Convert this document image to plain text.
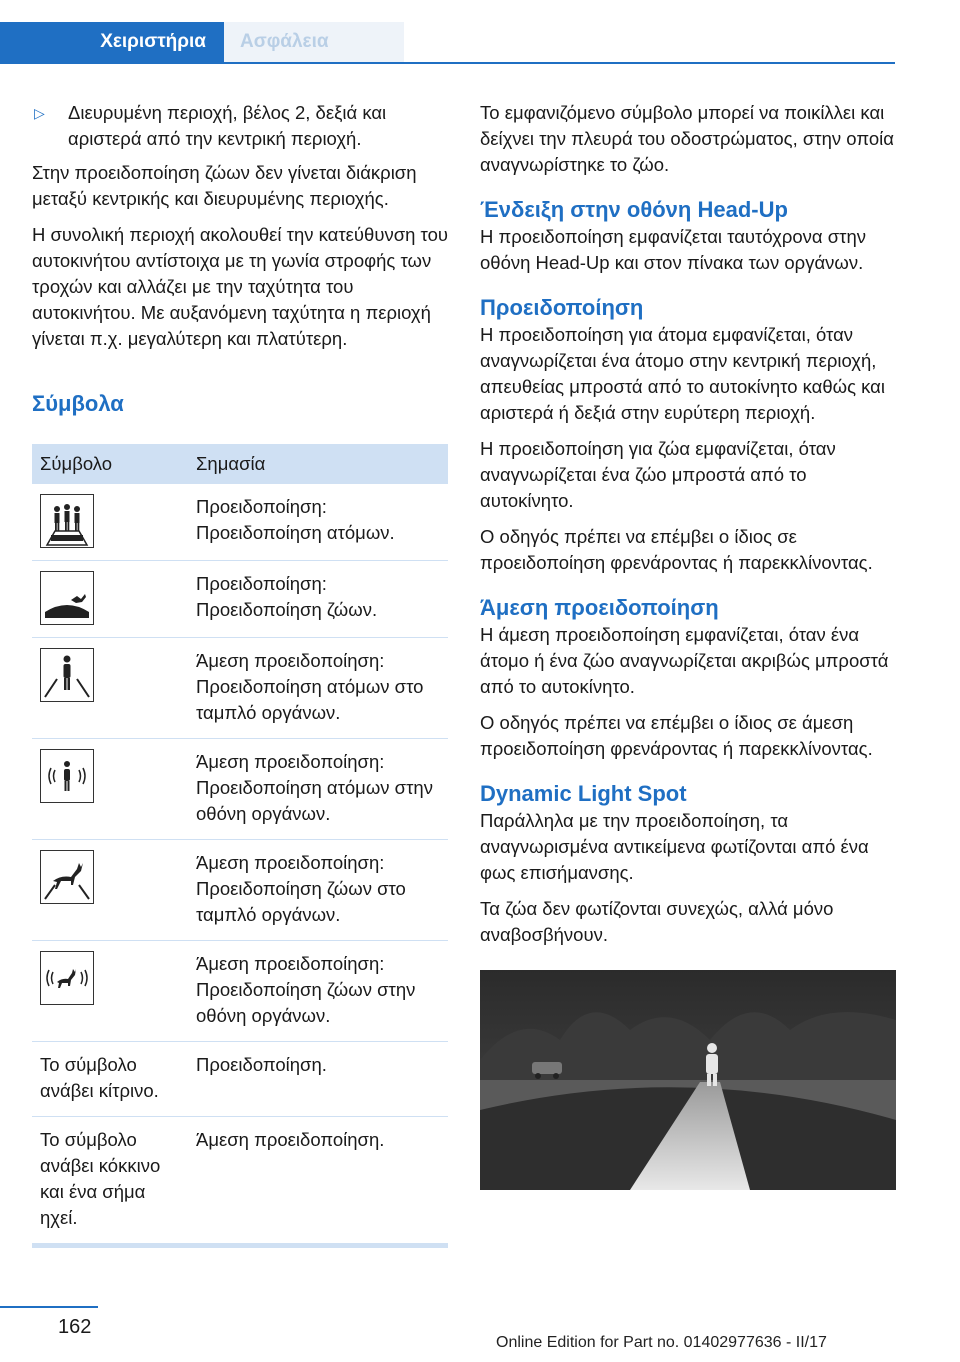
Χειριστήρια	Ασφάλεια
▷ Διευρυμένη περιοχή, βέλος 2, δεξιά και αριστερά από την κεντρική περιοχή.

Στην προειδοποίηση ζώων δεν γίνεται διάκριση μεταξύ κεντρικής και διευρυμένης περιοχής.

Η συνολική περιοχή ακολουθεί την κατεύθυνση του αυτοκινήτου αντίστοιχα με τη γωνία στροφής των τροχών και αλλάζει με την ταχύτητα του αυτοκινήτου. Με αυξανόμενη ταχύτητα η περιοχή γίνεται π.χ. μεγαλύτερη και πλατύτερη.

Σύμβολα
Σύμβολο	Σημασία

	Προειδοποίηση: Προειδοποίηση ατόμων.

	Προειδοποίηση: Προειδοποίηση ζώων.

	Άμεση προειδοποίηση: Προειδοποίηση ατόμων στο ταμπλό οργάνων.

	Άμεση προειδοποίηση: Προειδοποίηση ατόμων στην οθόνη οργάνων.

	Άμεση προειδοποίηση: Προειδοποίηση ζώων στο ταμπλό οργάνων.

	Άμεση προειδοποίηση: Προειδοποίηση ζώων στην οθόνη οργάνων.
Το σύμβολο ανάβει κίτρινο.	Προειδοποίηση.
Το σύμβολο ανάβει κόκκινο και ένα σήμα ηχεί.	Άμεση προειδοποίηση.

Το εμφανιζόμενο σύμβολο μπορεί να ποικίλλει και δείχνει την πλευρά του οδοστρώματος, στην οποία αναγνωρίστηκε το ζώο.

Ένδειξη στην οθόνη Head-Up

Η προειδοποίηση εμφανίζεται ταυτόχρονα στην οθόνη Head-Up και στον πίνακα των οργάνων.

Προειδοποίηση

Η προειδοποίηση για άτομα εμφανίζεται, όταν αναγνωρίζεται ένα άτομο στην κεντρική περιοχή, απευθείας μπροστά από το αυτοκίνητο καθώς και αριστερά ή δεξιά στην ευρύτερη περιοχή.

Η προειδοποίηση για ζώα εμφανίζεται, όταν αναγνωρίζεται ένα ζώο μπροστά από το αυτοκίνητο.

Ο οδηγός πρέπει να επέμβει ο ίδιος σε προειδοποίηση φρενάροντας ή παρεκκλίνοντας.

Άμεση προειδοποίηση

Η άμεση προειδοποίηση εμφανίζεται, όταν ένα άτομο ή ένα ζώο αναγνωρίζεται ακριβώς μπροστά από το αυτοκίνητο.

Ο οδηγός πρέπει να επέμβει ο ίδιος σε άμεση προειδοποίηση φρενάροντας ή παρεκκλίνοντας.

Dynamic Light Spot

Παράλληλα με την προειδοποίηση, τα αναγνωρισμένα αντικείμενα φωτίζονται από ένα φως επισήμανσης.

Τα ζώα δεν φωτίζονται συνεχώς, αλλά μόνο αναβοσβήνουν.

162
Online Edition for Part no. 01402977636 - II/17
